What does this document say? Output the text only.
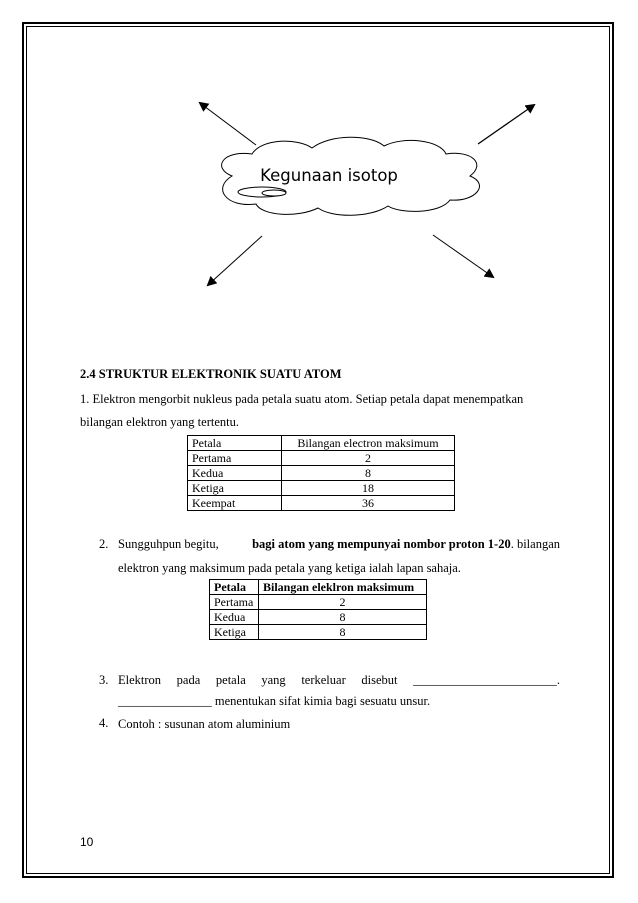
Kegunaan isotop
2.4 STRUKTUR ELEKTRONIK SUATU ATOM
1. Elektron mengorbit nukleus pada petala suatu atom. Setiap petala dapat menempatkan
bilangan elektron yang tertentu.
Petala	Bilangan electron maksimum
Pertama	2
Kedua	8
Ketiga	18
Keempat	36
2. Sungguhpun begitu,	bagi atom yang mempunyai nombor proton 1-20. bilangan
elektron yang maksimum pada petala yang ketiga ialah lapan sahaja.
Petala	Bilangan eleklron maksimum
Pertama	2
Kedua	8
Ketiga	8
3. Elektron pada petala yang terkeluar disebut _______________________.
_______________ menentukan sifat kimia bagi sesuatu unsur.
4. Contoh : susunan atom aluminium
10
